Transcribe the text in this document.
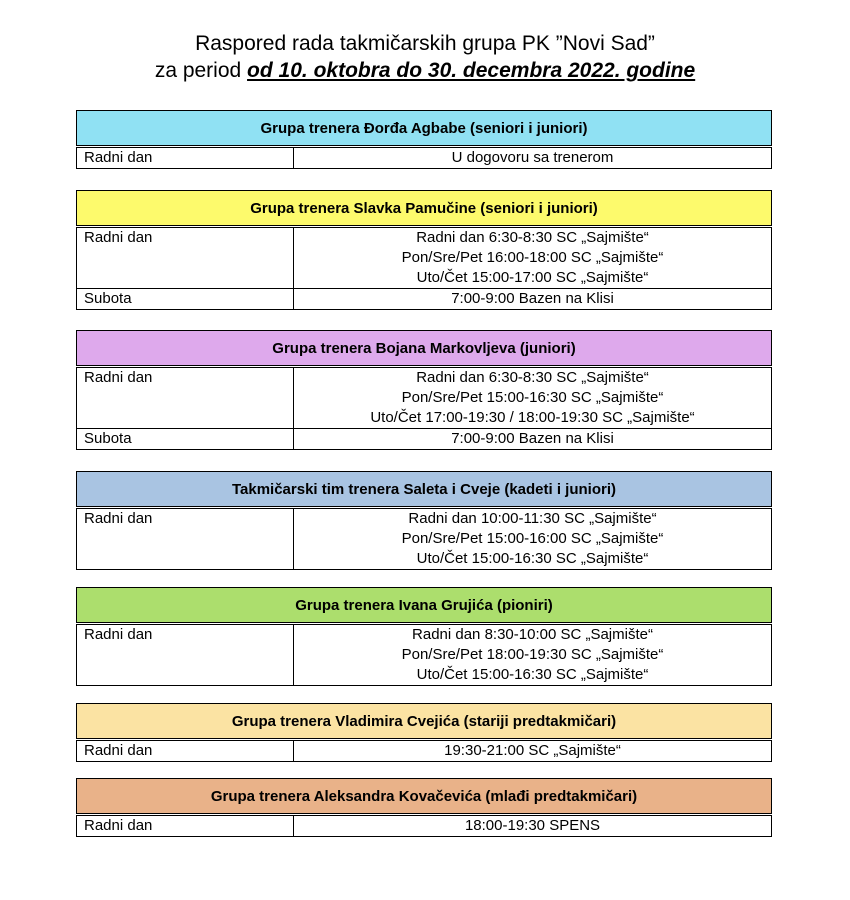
Raspored rada takmičarskih grupa PK ”Novi Sad”
za period od 10. oktobra do 30. decembra 2022. godine
Grupa trenera Đorđa Agbabe (seniori i juniori)
Radni dan	U dogovoru sa trenerom
Grupa trenera Slavka Pamučine (seniori i juniori)
Radni dan	Radni dan 6:30-8:30 SC „Sajmište“
Pon/Sre/Pet 16:00-18:00 SC „Sajmište“
Uto/Čet 15:00-17:00 SC „Sajmište“

Subota	7:00-9:00 Bazen na Klisi
Grupa trenera Bojana Markovljeva (juniori)
Radni dan	Radni dan 6:30-8:30 SC „Sajmište“
Pon/Sre/Pet 15:00-16:30 SC „Sajmište“
Uto/Čet 17:00-19:30 / 18:00-19:30 SC „Sajmište“

Subota	7:00-9:00 Bazen na Klisi
Takmičarski tim trenera Saleta i Cveje (kadeti i juniori)
Radni dan	Radni dan 10:00-11:30 SC „Sajmište“
Pon/Sre/Pet 15:00-16:00 SC „Sajmište“
Uto/Čet 15:00-16:30 SC „Sajmište“
Grupa trenera Ivana Grujića (pioniri)
Radni dan	Radni dan 8:30-10:00 SC „Sajmište“
Pon/Sre/Pet 18:00-19:30 SC „Sajmište“
Uto/Čet 15:00-16:30 SC „Sajmište“
Grupa trenera Vladimira Cvejića (stariji predtakmičari)
Radni dan	19:30-21:00 SC „Sajmište“
Grupa trenera Aleksandra Kovačevića (mlađi predtakmičari)
Radni dan	18:00-19:30 SPENS
